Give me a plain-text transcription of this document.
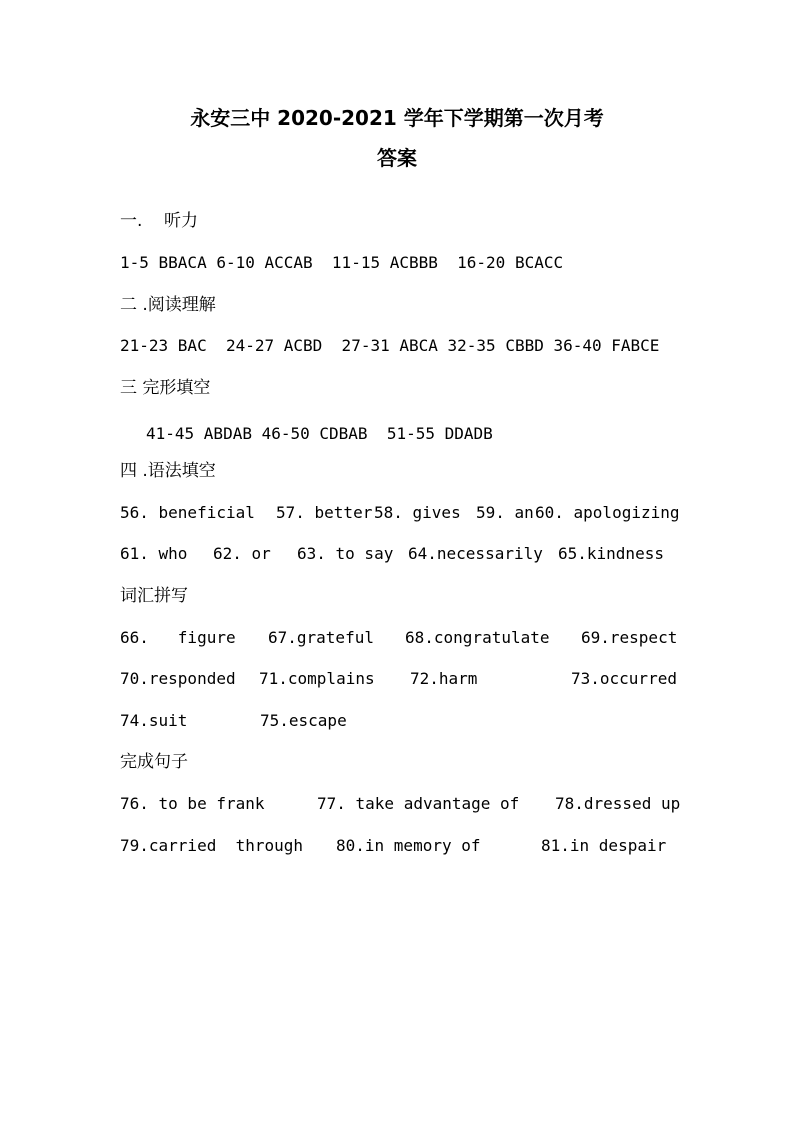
永安三中 2020-2021 学年下学期第一次月考
答案
一.    听力
1-5 BBACA 6-10 ACCAB  11-15 ACBBB  16-20 BCACC
二 .阅读理解
21-23 BAC  24-27 ACBD  27-31 ABCA 32-35 CBBD 36-40 FABCE
三 完形填空
41-45 ABDAB 46-50 CDBAB  51-55 DDADB
四 .语法填空
56. beneficial 57. better 58. gives 59. an 60. apologizing
61. who 62. or 63. to say 64.necessarily 65.kindness
词汇拼写
66.   figure 67.grateful 68.congratulate 69.respect
70.responded 71.complains 72.harm	73.occurred
74.suit	75.escape
完成句子
76. to be frank	77. take advantage of 78.dressed up
79.carried  through 80.in memory of	81.in despair
